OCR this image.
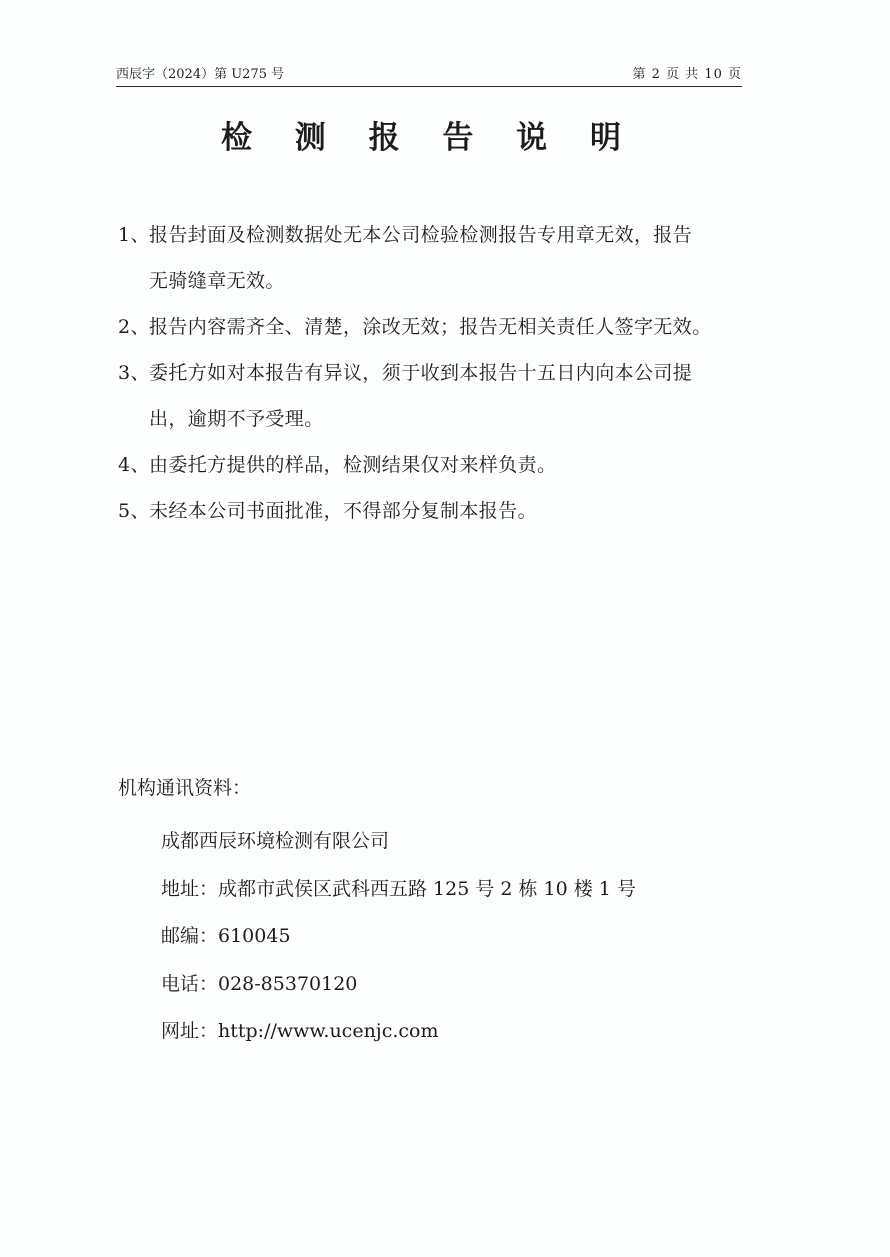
西辰字（2024）第 U275 号	第 2 页 共 10 页
检 测 报 告 说 明
1、 报告封面及检测数据处无本公司检验检测报告专用章无效，报告
无骑缝章无效。
2、 报告内容需齐全、清楚，涂改无效；报告无相关责任人签字无效。
3、 委托方如对本报告有异议，须于收到本报告十五日内向本公司提
出，逾期不予受理。
4、 由委托方提供的样品，检测结果仅对来样负责。
5、 未经本公司书面批准，不得部分复制本报告。
机构通讯资料：
成都西辰环境检测有限公司
地址：成都市武侯区武科西五路 125 号 2 栋 10 楼 1 号
邮编：610045
电话：028-85370120
网址：http://www.ucenjc.com
